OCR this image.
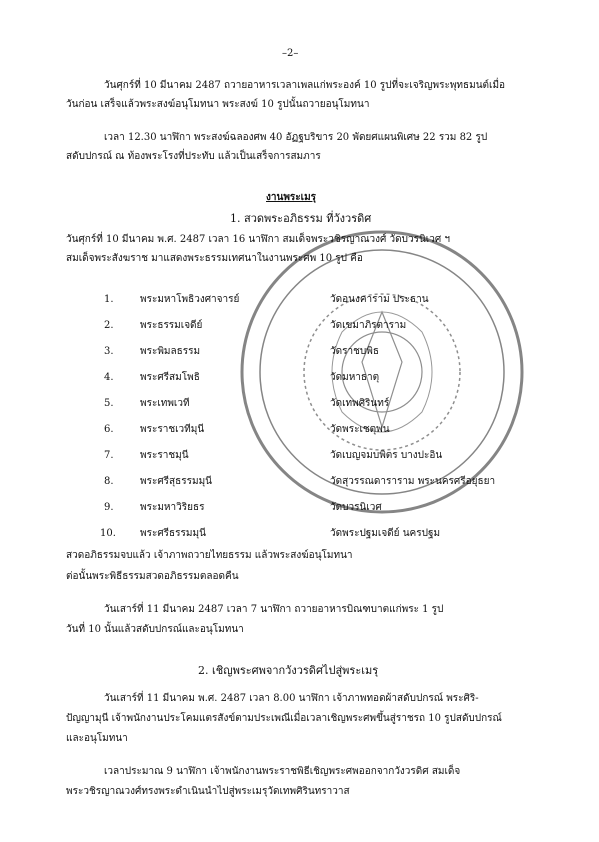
–2–
วันศุกร์ที่ 10 มีนาคม 2487 ถวายอาหารเวลาเพลแก่พระองค์ 10 รูปที่จะเจริญพระพุทธมนต์เมื่อ
วันก่อน เสร็จแล้วพระสงฆ์อนุโมทนา พระสงฆ์ 10 รูปนั้นถวายอนุโมทนา
เวลา 12.30 นาฬิกา พระสงฆ์ฉลองศพ 40 อัฏฐบริขาร 20 พัดยศแผนพิเศษ 22 รวม 82 รูป
สดับปกรณ์ ณ ท้องพระโรงที่ประทับ แล้วเป็นเสร็จการสมภาร
งานพระเมรุ
1. สวดพระอภิธรรม ที่วังวรดิศ
วันศุกร์ที่ 10 มีนาคม พ.ศ. 2487 เวลา 16 นาฬิกา สมเด็จพระวชิรญาณวงศ์ วัดบวรนิเวศ ฯ
สมเด็จพระสังฆราช มาแสดงพระธรรมเทศนาในงานพระศพ 10 รูป คือ
1.	พระมหาโพธิวงศาจารย์	วัดอนงคาราม ประธาน
2.	พระธรรมเจดีย์	วัดเขมาภิรตาราม
3.	พระพิมลธรรม	วัดราชบพิธ
4.	พระศรีสมโพธิ	วัดมหาธาตุ
5.	พระเทพเวที	วัดเทพศิรินทร์
6.	พระราชเวทีมุนี	วัดพระเชตุพน
7.	พระราชมุนี	วัดเบญจมบพิตร บางปะอิน
8.	พระศรีสุธรรมมุนี	วัดสุวรรณดาราราม พระนครศรีอยุธยา
9.	พระมหาวิริยธร	วัดบวรนิเวศ
10. พระศรีธรรมมุนี	วัดพระปฐมเจดีย์ นครปฐม
สวดอภิธรรมจบแล้ว เจ้าภาพถวายไทยธรรม แล้วพระสงฆ์อนุโมทนา
ต่อนั้นพระพิธีธรรมสวดอภิธรรมตลอดคืน
วันเสาร์ที่ 11 มีนาคม 2487 เวลา 7 นาฬิกา ถวายอาหารบิณฑบาตแก่พระ 1 รูป
วันที่ 10 นั้นแล้วสดับปกรณ์และอนุโมทนา
2. เชิญพระศพจากวังวรดิศไปสู่พระเมรุ
วันเสาร์ที่ 11 มีนาคม พ.ศ. 2487 เวลา 8.00 นาฬิกา เจ้าภาพทอดผ้าสดับปกรณ์ พระศิริ-
ปัญญามุนี เจ้าพนักงานประโคมแตรสังข์ตามประเพณีเมื่อเวลาเชิญพระศพขึ้นสู่ราชรถ 10 รูปสดับปกรณ์
และอนุโมทนา
เวลาประมาณ 9 นาฬิกา เจ้าพนักงานพระราชพิธีเชิญพระศพออกจากวังวรดิศ สมเด็จ
พระวชิรญาณวงศ์ทรงพระดำเนินนำไปสู่พระเมรุวัดเทพศิรินทราวาส
